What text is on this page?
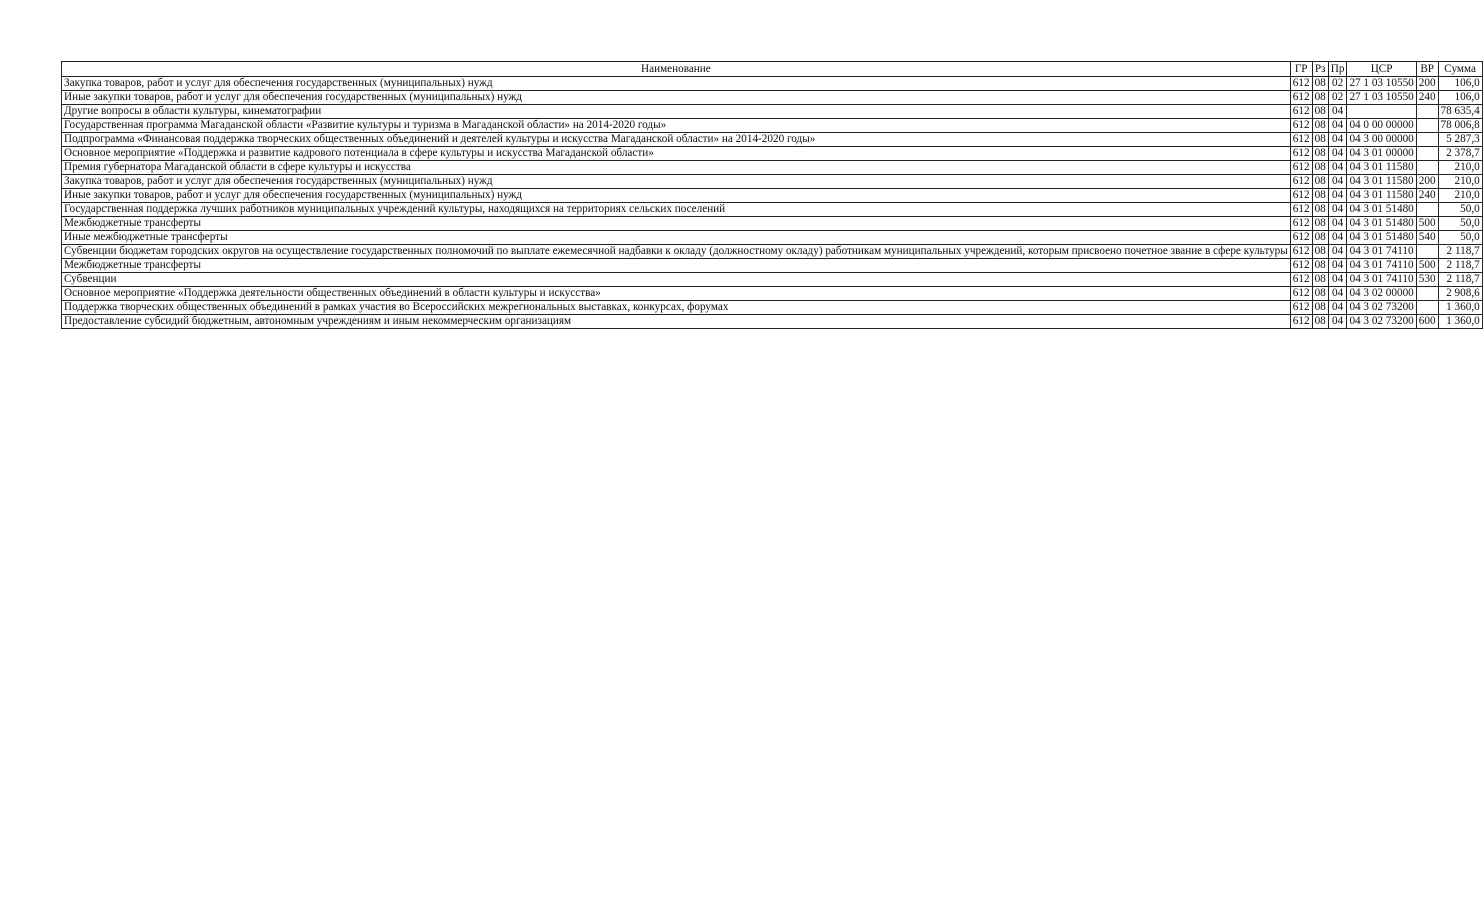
Наименование	ГР	Рз	Пр	ЦСР	ВР	Сумма
Закупка товаров, работ и услуг для обеспечения государственных (муниципальных) нужд	612	08	02	27 1 03 10550	200	106,0
Иные закупки товаров, работ и услуг для обеспечения государственных (муниципальных) нужд	612	08	02	27 1 03 10550	240	106,0
Другие вопросы в области культуры, кинематографии	612	08	04			78 635,4
Государственная программа Магаданской области «Развитие культуры и туризма в Магаданской области» на 2014-2020 годы»	612	08	04	04 0 00 00000		78 006,8
Подпрограмма «Финансовая поддержка творческих общественных объединений и деятелей культуры и искусства Магаданской области» на 2014-2020 годы»	612	08	04	04 3 00 00000		5 287,3
Основное мероприятие «Поддержка и развитие кадрового потенциала в сфере культуры и искусства Магаданской области»	612	08	04	04 3 01 00000		2 378,7
Премия губернатора Магаданской области в сфере культуры и искусства	612	08	04	04 3 01 11580		210,0
Закупка товаров, работ и услуг для обеспечения государственных (муниципальных) нужд	612	08	04	04 3 01 11580	200	210,0
Иные закупки товаров, работ и услуг для обеспечения государственных (муниципальных) нужд	612	08	04	04 3 01 11580	240	210,0
Государственная поддержка лучших работников муниципальных учреждений культуры, находящихся на территориях сельских поселений	612	08	04	04 3 01 51480		50,0
Межбюджетные трансферты	612	08	04	04 3 01 51480	500	50,0
Иные межбюджетные трансферты	612	08	04	04 3 01 51480	540	50,0
Субвенции бюджетам городских округов на осуществление государственных полномочий по выплате ежемесячной надбавки к окладу (должностному окладу) работникам муниципальных учреждений, которым присвоено почетное звание в сфере культуры	612	08	04	04 3 01 74110		2 118,7
Межбюджетные трансферты	612	08	04	04 3 01 74110	500	2 118,7
Субвенции	612	08	04	04 3 01 74110	530	2 118,7
Основное мероприятие «Поддержка деятельности общественных объединений в области культуры и искусства»	612	08	04	04 3 02 00000		2 908,6
Поддержка творческих общественных объединений в рамках участия во Всероссийских межрегиональных выставках, конкурсах, форумах	612	08	04	04 3 02 73200		1 360,0
Предоставление субсидий бюджетным, автономным учреждениям и иным некоммерческим организациям	612	08	04	04 3 02 73200	600	1 360,0
